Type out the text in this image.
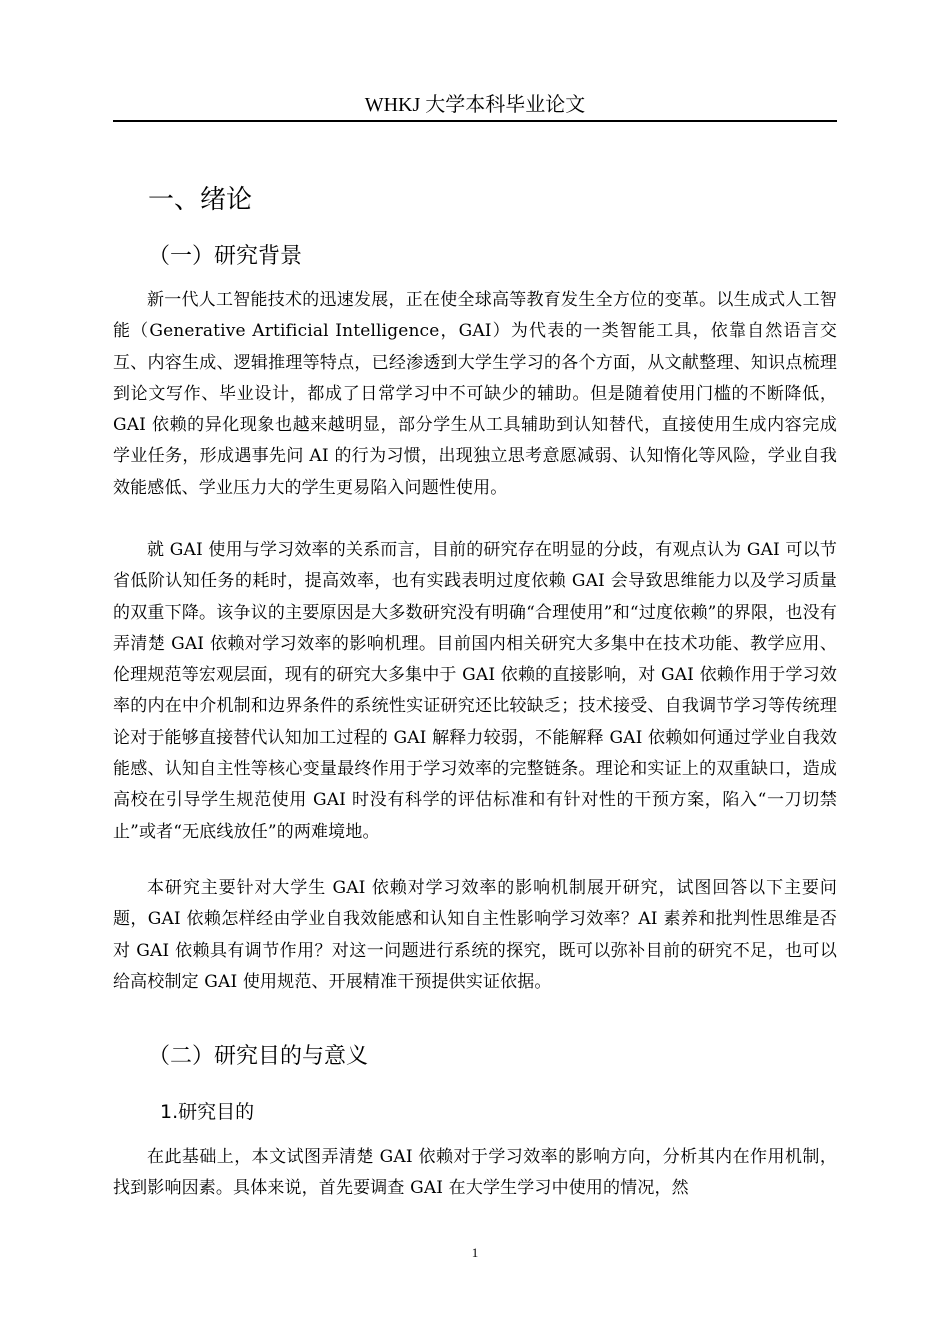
WHKJ 大学本科毕业论文
一、绪论
（一）研究背景

新一代人工智能技术的迅速发展，正在使全球高等教育发生全方位的变革。以生成式人工智能（Generative Artificial Intelligence，GAI）为代表的一类智能工具，依靠自然语言交互、内容生成、逻辑推理等特点，已经渗透到大学生学习的各个方面，从文献整理、知识点梳理到论文写作、毕业设计，都成了日常学习中不可缺少的辅助。但是随着使用门槛的不断降低，GAI 依赖的异化现象也越来越明显，部分学生从工具辅助到认知替代，直接使用生成内容完成学业任务，形成遇事先问 AI 的行为习惯，出现独立思考意愿减弱、认知惰化等风险，学业自我效能感低、学业压力大的学生更易陷入问题性使用。

就 GAI 使用与学习效率的关系而言，目前的研究存在明显的分歧，有观点认为 GAI 可以节省低阶认知任务的耗时，提高效率，也有实践表明过度依赖 GAI 会导致思维能力以及学习质量的双重下降。该争议的主要原因是大多数研究没有明确“合理使用”和“过度依赖”的界限，也没有弄清楚 GAI 依赖对学习效率的影响机理。目前国内相关研究大多集中在技术功能、教学应用、伦理规范等宏观层面，现有的研究大多集中于 GAI 依赖的直接影响，对 GAI 依赖作用于学习效率的内在中介机制和边界条件的系统性实证研究还比较缺乏；技术接受、自我调节学习等传统理论对于能够直接替代认知加工过程的 GAI 解释力较弱，不能解释 GAI 依赖如何通过学业自我效能感、认知自主性等核心变量最终作用于学习效率的完整链条。理论和实证上的双重缺口，造成高校在引导学生规范使用 GAI 时没有科学的评估标准和有针对性的干预方案，陷入“一刀切禁止”或者“无底线放任”的两难境地。

本研究主要针对大学生 GAI 依赖对学习效率的影响机制展开研究，试图回答以下主要问题，GAI 依赖怎样经由学业自我效能感和认知自主性影响学习效率？AI 素养和批判性思维是否对 GAI 依赖具有调节作用？对这一问题进行系统的探究，既可以弥补目前的研究不足，也可以给高校制定 GAI 使用规范、开展精准干预提供实证依据。

（二）研究目的与意义
1.研究目的

在此基础上，本文试图弄清楚 GAI 依赖对于学习效率的影响方向，分析其内在作用机制，找到影响因素。具体来说，首先要调查 GAI 在大学生学习中使用的情况，然

1
